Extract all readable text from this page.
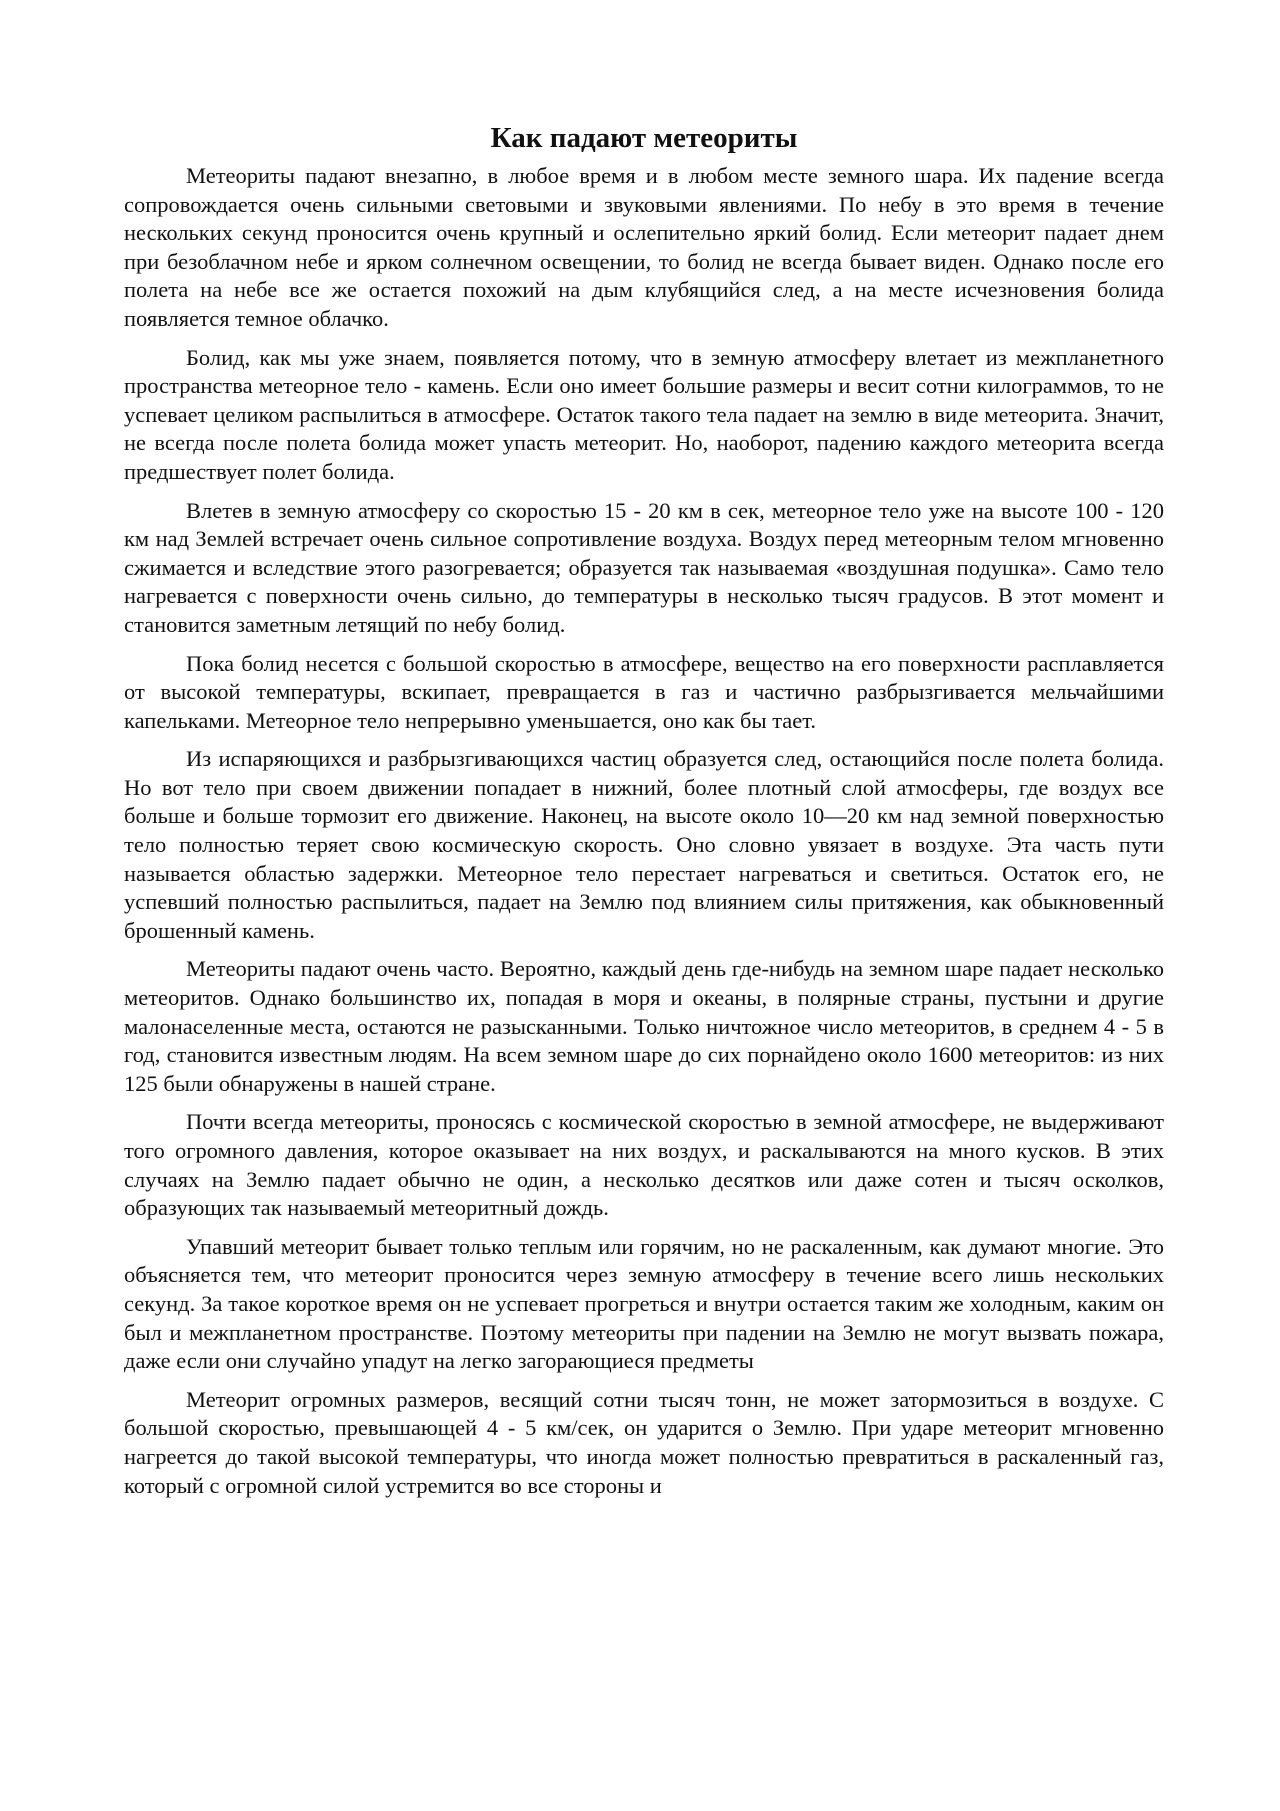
Как падают метеориты

Метеориты падают внезапно, в любое время и в любом месте земного шара. Их падение всегда сопровождается очень сильными световыми и звуковыми явлениями. По небу в это время в течение нескольких секунд проносится очень крупный и ослепительно яркий болид. Если метеорит падает днем при безоблачном небе и ярком солнечном освещении, то болид не всегда бывает виден. Однако после его полета на небе все же остается похожий на дым клубящийся след, а на месте исчезновения болида появляется темное облачко.

Болид, как мы уже знаем, появляется потому, что в земную атмосферу влетает из межпланетного пространства метеорное тело - камень. Если оно имеет большие размеры и весит сотни килограммов, то не успевает целиком распылиться в атмосфере. Остаток такого тела падает на землю в виде метеорита. Значит, не всегда после полета болида может упасть метеорит. Но, наоборот, падению каждого метеорита всегда предшествует полет болида.

Влетев в земную атмосферу со скоростью 15 - 20 км в сек, метеорное тело уже на высоте 100 - 120 км над Землей встречает очень сильное сопротивление воздуха. Воздух перед метеорным телом мгновенно сжимается и вследствие этого разогревается; образуется так называемая «воздушная подушка». Само тело нагревается с поверхности очень сильно, до температуры в несколько тысяч градусов. В этот момент и становится заметным летящий по небу болид.

Пока болид несется с большой скоростью в атмосфере, вещество на его поверхности расплавляется от высокой температуры, вскипает, превращается в газ и частично разбрызгивается мельчайшими капельками. Метеорное тело непрерывно уменьшается, оно как бы тает.

Из испаряющихся и разбрызгивающихся частиц образуется след, остающийся после полета болида. Но вот тело при своем движении попадает в нижний, более плотный слой атмосферы, где воздух все больше и больше тормозит его движение. Наконец, на высоте около 10—20 км над земной поверхностью тело полностью теряет свою космическую скорость. Оно словно увязает в воздухе. Эта часть пути называется областью задержки. Метеорное тело перестает нагреваться и светиться. Остаток его, не успевший полностью распылиться, падает на Землю под влиянием силы притяжения, как обыкновенный брошенный камень.

Метеориты падают очень часто. Вероятно, каждый день где-нибудь на земном шаре падает несколько метеоритов. Однако большинство их, попадая в моря и океаны, в полярные страны, пустыни и другие малонаселенные места, остаются не разысканными. Только ничтожное число метеоритов, в среднем 4 - 5 в год, становится известным людям. На всем земном шаре до сих порнайдено около 1600 метеоритов: из них 125 были обнаружены в нашей стране.

Почти всегда метеориты, проносясь с космической скоростью в земной атмосфере, не выдерживают того огромного давления, которое оказывает на них воздух, и раскалываются на много кусков. В этих случаях на Землю падает обычно не один, а несколько десятков или даже сотен и тысяч осколков, образующих так называемый метеоритный дождь.

Упавший метеорит бывает только теплым или горячим, но не раскаленным, как думают многие. Это объясняется тем, что метеорит проносится через земную атмосферу в течение всего лишь нескольких секунд. За такое короткое время он не успевает прогреться и внутри остается таким же холодным, каким он был и межпланетном пространстве. Поэтому метеориты при падении на Землю не могут вызвать пожара, даже если они случайно упадут на легко загорающиеся предметы

Метеорит огромных размеров, весящий сотни тысяч тонн, не может затормозиться в воздухе. С большой скоростью, превышающей 4 - 5 км/сек, он ударится о Землю. При ударе метеорит мгновенно нагреется до такой высокой температуры, что иногда может полностью превратиться в раскаленный газ, который с огромной силой устремится во все стороны и
